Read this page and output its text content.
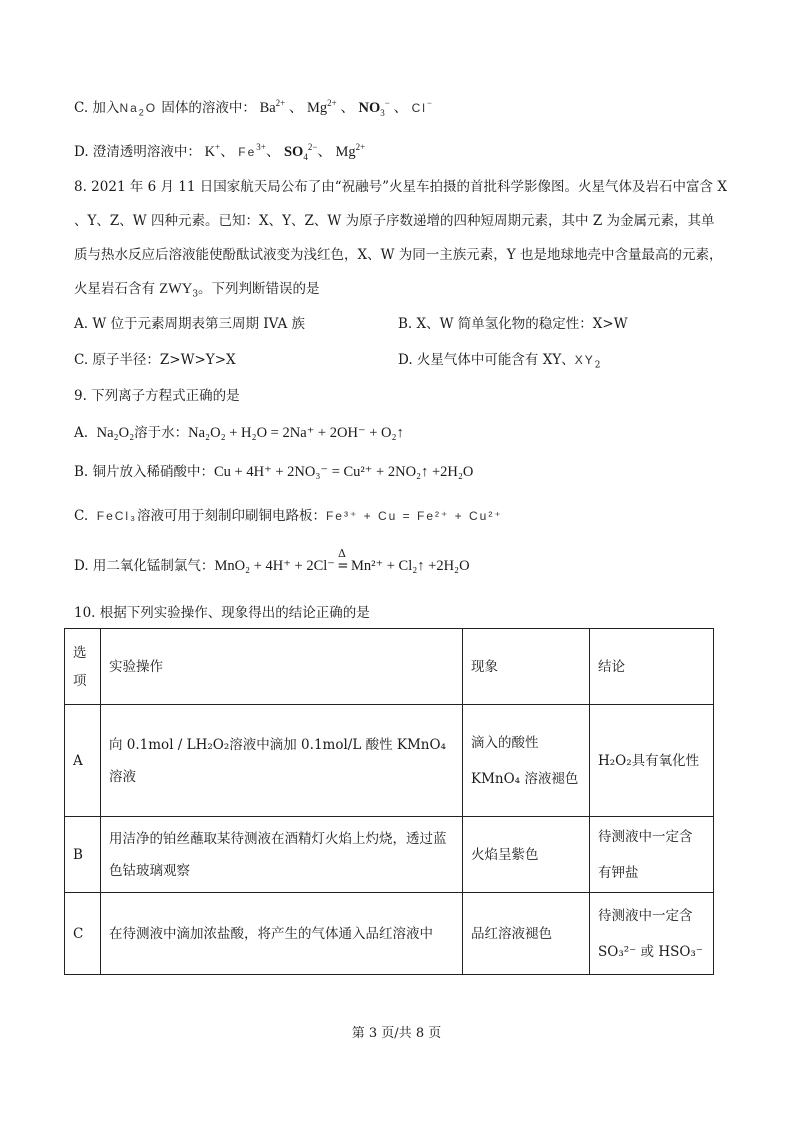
C. 加入$Na_2O$ 固体的溶液中： $Ba^{2+}$ 、 $Mg^{2+}$ 、 $NO_3^-$ 、 Cl−
D. 澄清透明溶液中： K+、 $Fe^{3+}$、 $SO_4^{2-}$、 $Mg^{2+}$
8. 2021 年 6 月 11 日国家航天局公布了由“祝融号”火星车拍摄的首批科学影像图。火星气体及岩石中富含 X
、Y、Z、W 四种元素。已知：X、Y、Z、W 为原子序数递增的四种短周期元素，其中 Z 为金属元素，其单
质与热水反应后溶液能使酚酞试液变为浅红色，X、W 为同一主族元素，Y 也是地球地壳中含量最高的元素，
火星岩石含有 $ZWY_3$。下列判断错误的是
A. W 位于元素周期表第三周期 IVA 族	B. X、W 简单氢化物的稳定性：X>W
C. 原子半径：Z>W>Y>X	D. 火星气体中可能含有 XY、$XY_2$
9. 下列离子方程式正确的是
A. Na₂O₂溶于水：Na₂O₂ + H₂O = 2Na⁺ + 2OH⁻ + O₂↑
B. 铜片放入稀硝酸中：Cu + 4H⁺ + 2NO₃⁻ = Cu²⁺ + 2NO₂↑ +2H₂O
C. FeCl₃溶液可用于刻制印刷铜电路板：Fe³⁺ + Cu = Fe²⁺ + Cu²⁺
D. 用二氧化锰制氯气：MnO₂ + 4H⁺ + 2Cl⁻
Δ
= Mn²⁺ + Cl₂↑ +2H₂O
10. 根据下列实验操作、现象得出的结论正确的是
选项	实验操作	现象	结论
A	向 0.1mol / LH₂O₂溶液中滴加 0.1mol/L 酸性 KMnO₄ 溶液	滴入的酸性 KMnO₄ 溶液褪色	H₂O₂具有氧化性
B	用洁净的铂丝蘸取某待测液在酒精灯火焰上灼烧，透过蓝色钴玻璃观察	火焰呈紫色	待测液中一定含有钾盐
C	在待测液中滴加浓盐酸，将产生的气体通入品红溶液中	品红溶液褪色	待测液中一定含 SO₃²⁻ 或 HSO₃⁻
第 3 页/共 8 页
